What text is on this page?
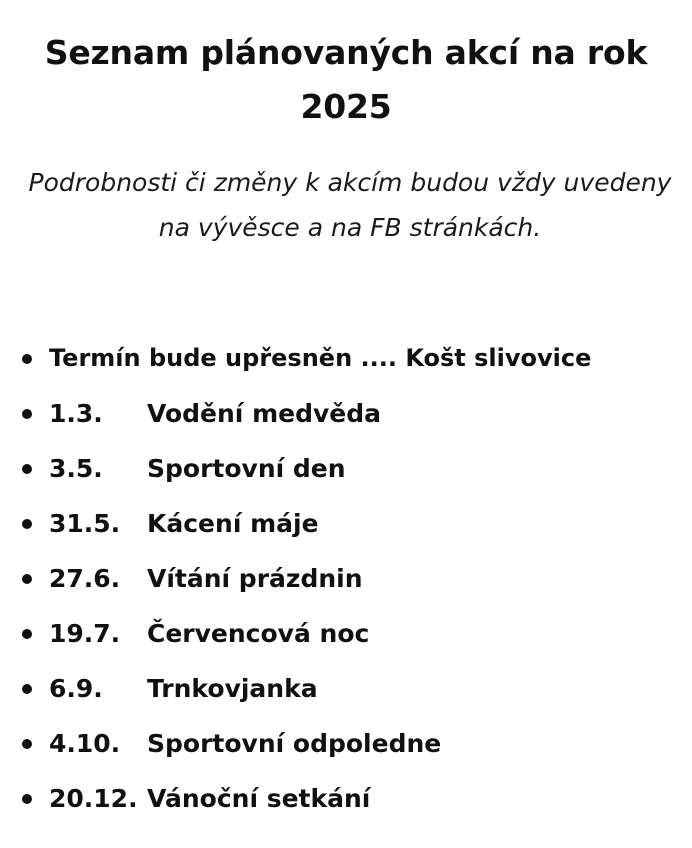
Seznam plánovaných akcí na rok 2025

Podrobnosti či změny k akcím budou vždy uvedeny na vývěsce a na FB stránkách.

Termín bude upřesněn .... Košt slivovice
1.3. Vodění medvěda
3.5. Sportovní den
31.5. Kácení máje
27.6. Vítání prázdnin
19.7. Červencová noc
6.9. Trnkovjanka
4.10. Sportovní odpoledne
20.12. Vánoční setkání
